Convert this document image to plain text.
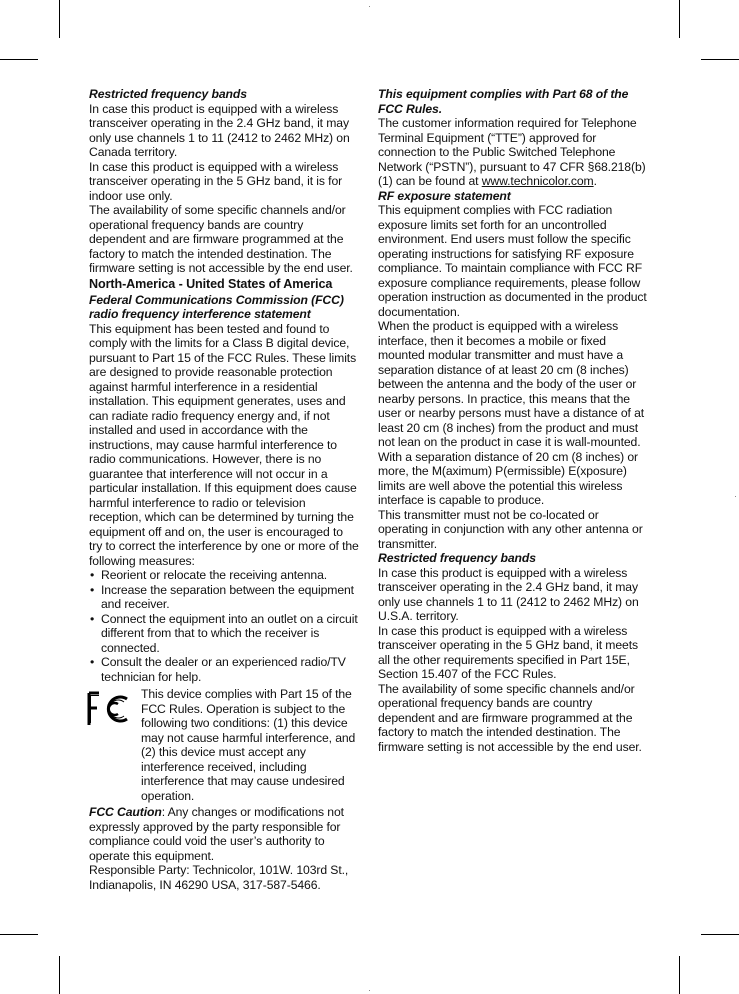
Restricted frequency bands

In case this product is equipped with a wireless transceiver operating in the 2.4 GHz band, it may only use channels 1 to 11 (2412 to 2462 MHz) on Canada territory.

In case this product is equipped with a wireless transceiver operating in the 5 GHz band, it is for indoor use only.

The availability of some specific channels and/or operational frequency bands are country dependent and are firmware programmed at the factory to match the intended destination. The firmware setting is not accessible by the end user.

North-America - United States of America

Federal Communications Commission (FCC) radio frequency interference statement

This equipment has been tested and found to comply with the limits for a Class B digital device, pursuant to Part 15 of the FCC Rules. These limits are designed to provide reasonable protection against harmful interference in a residential installation. This equipment generates, uses and can radiate radio frequency energy and, if not installed and used in accordance with the instructions, may cause harmful interference to radio communications. However, there is no guarantee that interference will not occur in a particular installation. If this equipment does cause harmful interference to radio or television reception, which can be determined by turning the equipment off and on, the user is encouraged to try to correct the interference by one or more of the following measures:

• Reorient or relocate the receiving antenna.
• Increase the separation between the equipment and receiver.
• Connect the equipment into an outlet on a circuit different from that to which the receiver is connected.
• Consult the dealer or an experienced radio/TV technician for help.

This device complies with Part 15 of the FCC Rules. Operation is subject to the following two conditions: (1) this device may not cause harmful interference, and (2) this device must accept any interference received, including interference that may cause undesired operation.

FCC Caution: Any changes or modifications not expressly approved by the party responsible for compliance could void the user’s authority to operate this equipment.

Responsible Party: Technicolor, 101W. 103rd St., Indianapolis, IN 46290 USA, 317-587-5466.

This equipment complies with Part 68 of the FCC Rules.

The customer information required for Telephone Terminal Equipment (“TTE”) approved for connection to the Public Switched Telephone Network (“PSTN”), pursuant to 47 CFR §68.218(b)(1) can be found at www.technicolor.com.

RF exposure statement

This equipment complies with FCC radiation exposure limits set forth for an uncontrolled environment. End users must follow the specific operating instructions for satisfying RF exposure compliance. To maintain compliance with FCC RF exposure compliance requirements, please follow operation instruction as documented in the product documentation.

When the product is equipped with a wireless interface, then it becomes a mobile or fixed mounted modular transmitter and must have a separation distance of at least 20 cm (8 inches) between the antenna and the body of the user or nearby persons. In practice, this means that the user or nearby persons must have a distance of at least 20 cm (8 inches) from the product and must not lean on the product in case it is wall-mounted. With a separation distance of 20 cm (8 inches) or more, the M(aximum) P(ermissible) E(xposure) limits are well above the potential this wireless interface is capable to produce.

This transmitter must not be co-located or operating in conjunction with any other antenna or transmitter.

Restricted frequency bands

In case this product is equipped with a wireless transceiver operating in the 2.4 GHz band, it may only use channels 1 to 11 (2412 to 2462 MHz) on U.S.A. territory.

In case this product is equipped with a wireless transceiver operating in the 5 GHz band, it meets all the other requirements specified in Part 15E, Section 15.407 of the FCC Rules.

The availability of some specific channels and/or operational frequency bands are country dependent and are firmware programmed at the factory to match the intended destination. The firmware setting is not accessible by the end user.
